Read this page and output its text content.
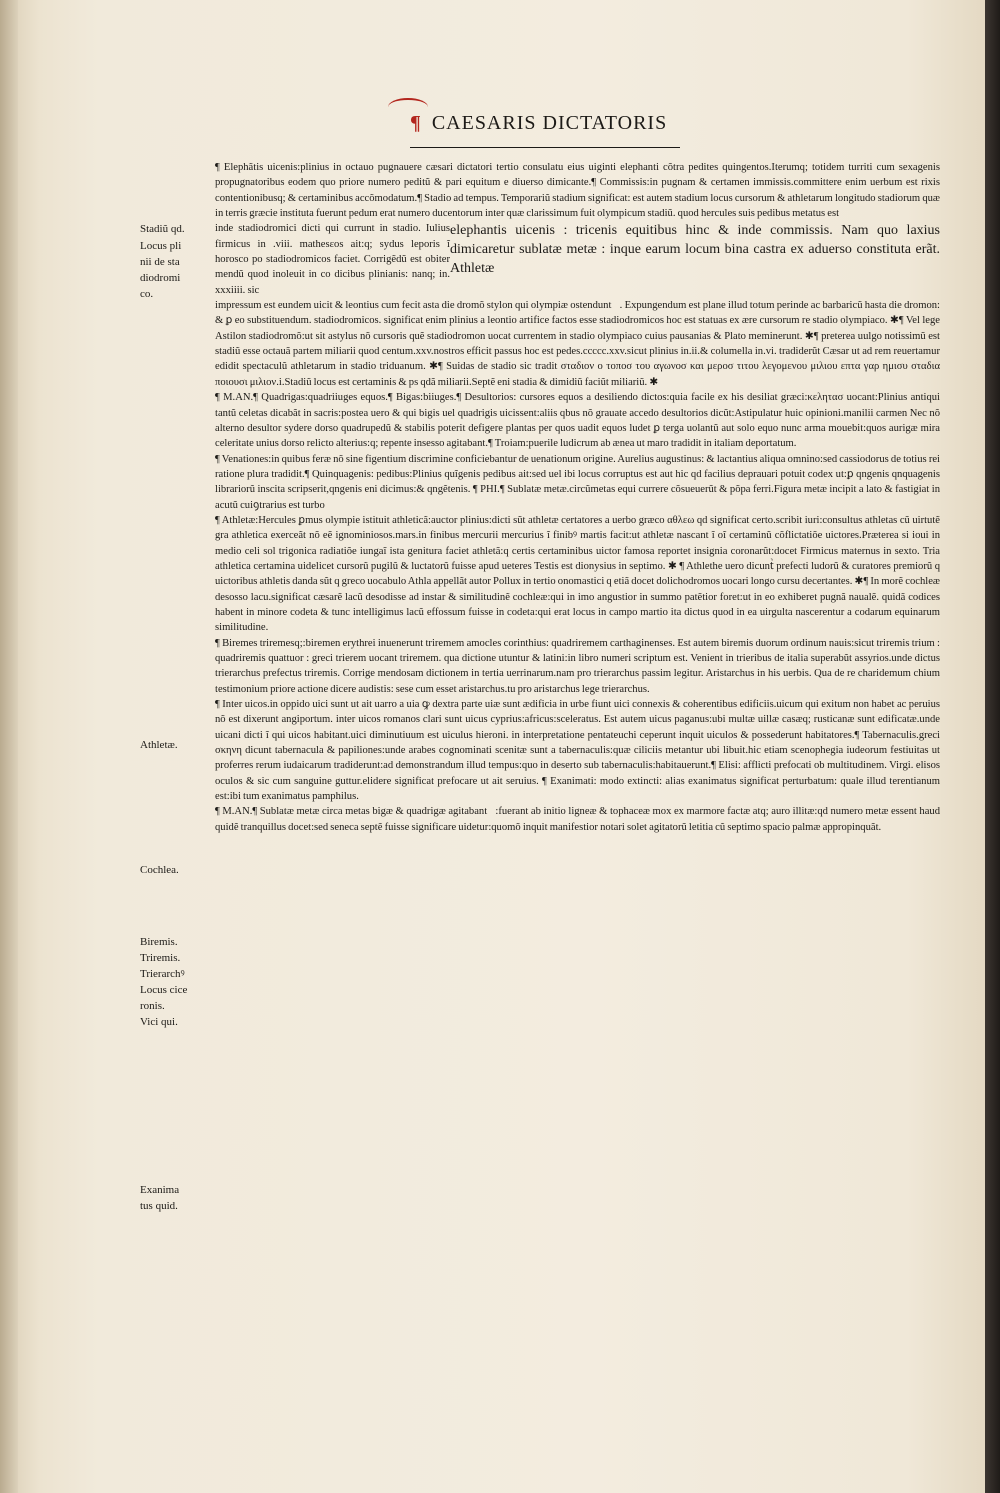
¶ CAESARIS DICTATORIS
Stadiũ qd.
Locus pli
nii de sta
diodromi
co.
Athletæ.
Cochlea.
Biremis.
Triremis.
Trierarchꝰ
Locus cice
ronis.
Vici qui.
Exanima
tus quid.

¶ Elephãtis uicenis:plinius in octauo pugnauere cæsari dictatori tertio consulatu eius uiginti elephanti cõtra pedites quingentos.Iterumq; totidem turriti cum sexagenis propugnatoribus eodem quo priore numero peditũ & pari equitum e diuerso dimicante.¶ Commissis:in pugnam & certamen immissis.committere enim uerbum est rixis contentionibusq; & certaminibus accõmodatum.¶ Stadio ad tempus. Temporariũ stadium significat: est autem stadium locus cursorum & athletarum longitudo stadiorum quæ in terris græcie instituta fuerunt pedum erat numero ducentorum inter quæ clarissimum fuit olympicum stadiũ. quod hercules suis pedibus metatus est

inde stadiodromici dicti qui currunt in stadio. Iulius firmicus in .viii. mathesεos ait:q; sydus leporis ĩ horosco po stadiodromicos faciet. Corrigẽdũ est obiter mendũ quod inoleuit in co dicibus plinianis: nanq; in. xxxiiii. sic

elephantis uicenis : tricenis equitibus hinc & inde commissis. Nam quo laxius dimicaretur sublatæ metæ : inque earum locum bina castra ex aduerso constituta erãt. Athletæ

impressum est eundem uicit & leontius cum fecit asta die dromõ stylon qui olympiæ ostenduntᷣ. Expungendum est plane illud totum perinde ac barbaricũ hasta die dromon: & ꝑ eo substituendum. stadiodromicos. significat enim plinius a leontio artifice factos esse stadiodromicos hoc est statuas ex ære cursorum re stadio olympiaco. ✱¶ Vel lege Astilon stadiodromõ:ut sit astylus nõ cursoris quẽ stadiodromon uocat currentem in stadio olympiaco cuius pausanias & Plato meminerunt. ✱¶ preterea uulgo notissimũ est stadiũ esse octauã partem miliarii quod centum.xxv.nostros efficit passus hoc est pedes.ccccc.xxv.sicut plinius in.ii.& columella in.vi. tradiderũt Cæsar ut ad rem reuertamur edidit spectaculũ athletarum in stadio triduanum. ✱¶ Suidas de stadio sic tradit σταδιον ο τοποσ του αγωνοσ και μεροσ τιτου λεγομενου μιλιου επτα γαρ ημισυ σταδια ποιουσι μιλιον.i.Stadiũ locus est certaminis & ps qdã miliarii.Septẽ eni stadia & dimidiũ faciũt miliariũ. ✱

¶ M.AN.¶ Quadrigas:quadriiuges equos.¶ Bigas:biiuges.¶ Desultorios: cursores equos a desiliendo dictos:quia facile ex his desiliat græci:κελητασ uocant:Plinius antiqui tantũ celetas dicabãt in sacris:postea uero & qui bigis uel quadrigis uicissent:aliis qbus nõ grauate accedo desultorios dicũt:Astipulatur huic opinioni.manilii carmen Nec nõ alterno desultor sydere dorso quadrupedũ & stabilis poterit defigere plantas per quos uadit equos ludet ꝑ terga uolantũ aut solo equo nunc arma mouebit:quos aurigæ mira celeritate unius dorso relicto alterius:q; repente insesso agitabant.¶ Troiam:puerile ludicrum ab ænea ut maro tradidit in italiam deportatum.

¶ Venationes:in quibus feræ nõ sine figentium discrimine conficiebantur de uenationum origine. Aurelius augustinus: & lactantius aliqua omnino:sed cassiodorus de totius rei ratione plura tradidit.¶ Quinquagenis: pedibus:Plinius quĩgenis pedibus ait:sed uel ibi locus corruptus est aut hic qd facilius deprauari potuit codex ut:ꝑ qngenis qnquagenis librariorũ inscita scripserit,qngenis eni dicimus:& qngẽtenis. ¶ PHI.¶ Sublatæ metæ.circũmetas equi currere cõsueuerũt & põpa ferri.Figura metæ incipit a lato & fastigiat in acutũ cuiꝯtrarius est turbo

¶ Athletæ:Hercules ꝑmus olympie istituit athleticã:auctor plinius:dicti sũt athletæ certatores a uerbo græco αθλεω qd significat certo.scribit iuri:consultus athletas cũ uirtutẽ gra athletica exerceãt nõ eẽ ignominiosos.mars.in finibus mercurii mercurius ĩ finibꝰ martis facit:ut athletæ nascant ĩ oĩ certaminũ cõflictatiõe uictores.Præterea si ioui in medio celi sol trigonica radiatiõe iungaĩ ista genitura faciet athletã:q certis certaminibus uictor famosa reportet insignia coronarũt:docet Firmicus maternus in sexto. Tria athletica certamina uidelicet cursorũ pugilũ & luctatorũ fuisse apud ueteres Testis est dionysius in septimo. ✱ ¶ Athlethe uero dicuntᷣ prefecti ludorũ & curatores premiorũ q uictoribus athletis danda sũt q greco uocabulo Athla appellãt autor Pollux in tertio onomastici q etiã docet dolichodromos uocari longo cursu decertantes. ✱¶ In morẽ cochleæ desosso lacu.significat cæsarẽ lacũ desodisse ad instar & similitudinẽ cochleæ:qui in imo angustior in summo patẽtior foret:ut in eo exhiberet pugnã naualẽ. quidã codices habent in minore codeta & tunc intelligimus lacũ effossum fuisse in codeta:qui erat locus in campo martio ita dictus quod in ea uirgulta nascerentur a codarum equinarum similitudine.

¶ Biremes triremesq;:biremen erythrei inuenerunt triremem amocles corinthius: quadriremem carthaginenses. Est autem biremis duorum ordinum nauis:sicut triremis trium : quadriremis quattuor : greci trierem uocant triremem. qua dictione utuntur & latini:in libro numeri scriptum est. Venient in trieribus de italia superabũt assyrios.unde dictus trierarchus prefectus triremis. Corrige mendosam dictionem in tertia uerrinarum.nam pro trierarchus passim legitur. Aristarchus in his uerbis. Qua de re charidemum chium testimonium priore actione dicere audistis: sese cum esset aristarchus.tu pro aristarchus lege trierarchus.

¶ Inter uicos.in oppido uici sunt ut ait uarro a uia ꝙ dextra parte uiæ sunt ædificia in urbe fiunt uici connexis & coherentibus edificiis.uicum qui exitum non habet ac peruius nõ est dixerunt angiportum. inter uicos romanos clari sunt uicus cyprius:africus:sceleratus. Est autem uicus paganus:ubi multæ uillæ casæq; rusticanæ sunt edificatæ.unde uicani dicti ĩ qui uicos habitant.uici diminutiuum est uiculus hieroni. in interpretatione pentateuchi ceperunt inquit uiculos & possederunt habitatores.¶ Tabernaculis.greci σκηνη dicunt tabernacula & papiliones:unde arabes cognominati scenitæ sunt a tabernaculis:quæ ciliciis metantur ubi libuit.hic etiam scenophegia iudeorum festiuitas ut proferres rerum iudaicarum tradiderunt:ad demonstrandum illud tempus:quo in deserto sub tabernaculis:habitauerunt.¶ Elisi: afflicti prefocati ob multitudinem. Virgi. elisos oculos & sic cum sanguine guttur.elidere significat prefocare ut ait seruius. ¶ Exanimati: modo extincti: alias exanimatus significat perturbatum: quale illud terentianum est:ibi tum exanimatus pamphilus.

¶ M.AN.¶ Sublatæ metæ circa metas bigæ & quadrigæ agitabantᷣ:fuerant ab initio ligneæ & tophaceæ mox ex marmore factæ atq; auro illitæ:qd numero metæ essent haud quidẽ tranquillus docet:sed seneca septẽ fuisse significare uidetur:quomõ inquit manifestior notari solet agitatorũ letitia cũ septimo spacio palmæ appropinquãt.
